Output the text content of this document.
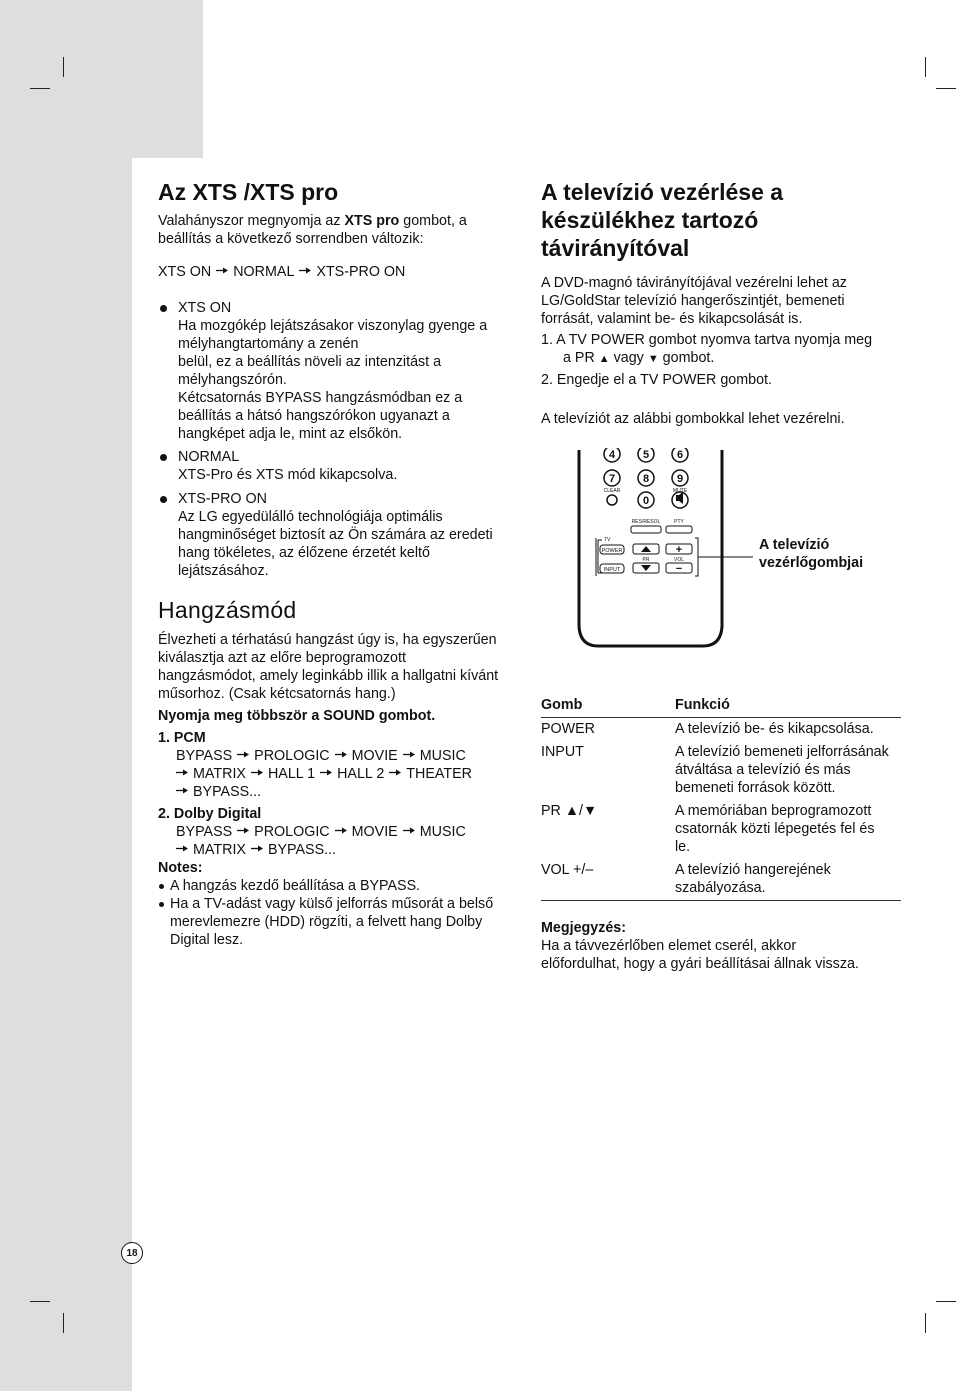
Az XTS /XTS pro

Valahányszor megnyomja az XTS pro gombot, a

beállítás a következő sorrendben változik:

XTS ON NORMAL XTS-PRO ON

XTS ON

Ha mozgókép lejátszásakor viszonylag gyenge a

mélyhangtartomány a zenén

belül, ez a beállítás növeli az intenzitást a

mélyhangszórón.

Kétcsatornás BYPASS hangzásmódban ez a

beállítás a hátsó hangszórókon ugyanazt a

hangképet adja le, mint az elsőkön.

NORMAL

XTS-Pro és XTS mód kikapcsolva.

XTS-PRO ON

Az LG egyedülálló technológiája optimális

hangminőséget biztosít az Ön számára az eredeti

hang tökéletes, az élőzene érzetét keltő

lejátszásához.

Hangzásmód

Élvezheti a térhatású hangzást úgy is, ha egyszerűen

kiválasztja azt az előre beprogramozott

hangzásmódot, amely leginkább illik a hallgatni kívánt

műsorhoz. (Csak kétcsatornás hang.)

Nyomja meg többször a SOUND gombot.

1. PCM

BYPASS PROLOGIC MOVIE MUSIC

MATRIX HALL 1 HALL 2 THEATER

BYPASS...

2. Dolby Digital

BYPASS PROLOGIC MOVIE MUSIC

MATRIX BYPASS...

Notes:

A hangzás kezdő beállítása a BYPASS.

Ha a TV-adást vagy külső jelforrás műsorát a belső

merevlemezre (HDD) rögzíti, a felvett hang Dolby

Digital lesz.

A televízió vezérlése a
készülékhez tartozó
távirányítóval

A DVD-magnó távirányítójával vezérelni lehet az

LG/GoldStar televízió hangerőszintjét, bemeneti

forrását, valamint be- és kikapcsolását is.

1. A TV POWER gombot nyomva tartva nyomja meg

a PR ▲ vagy ▼ gombot.

2. Engedje el a TV POWER gombot.

A televíziót az alábbi gombokkal lehet vezérelni.

4	5	6
7	8	9
0
CLEAR	MUTE
RES/RESOL	PTY
TV
PR	VOL
POWER
INPUT
+
−
A televízió
vezérlőgombjai
Gomb	Funkció
POWER	A televízió be- és kikapcsolása.

INPUT	A televízió bemeneti jelforrásának
átváltása a televízió és más
bemeneti források között.

PR ▲/▼	A memóriában beprogramozott
csatornák közti lépegetés fel és
le.

VOL +/–	A televízió hangerejének
szabályozása.

Megjegyzés:

Ha a távvezérlőben elemet cserél, akkor

előfordulhat, hogy a gyári beállításai állnak vissza.

18
